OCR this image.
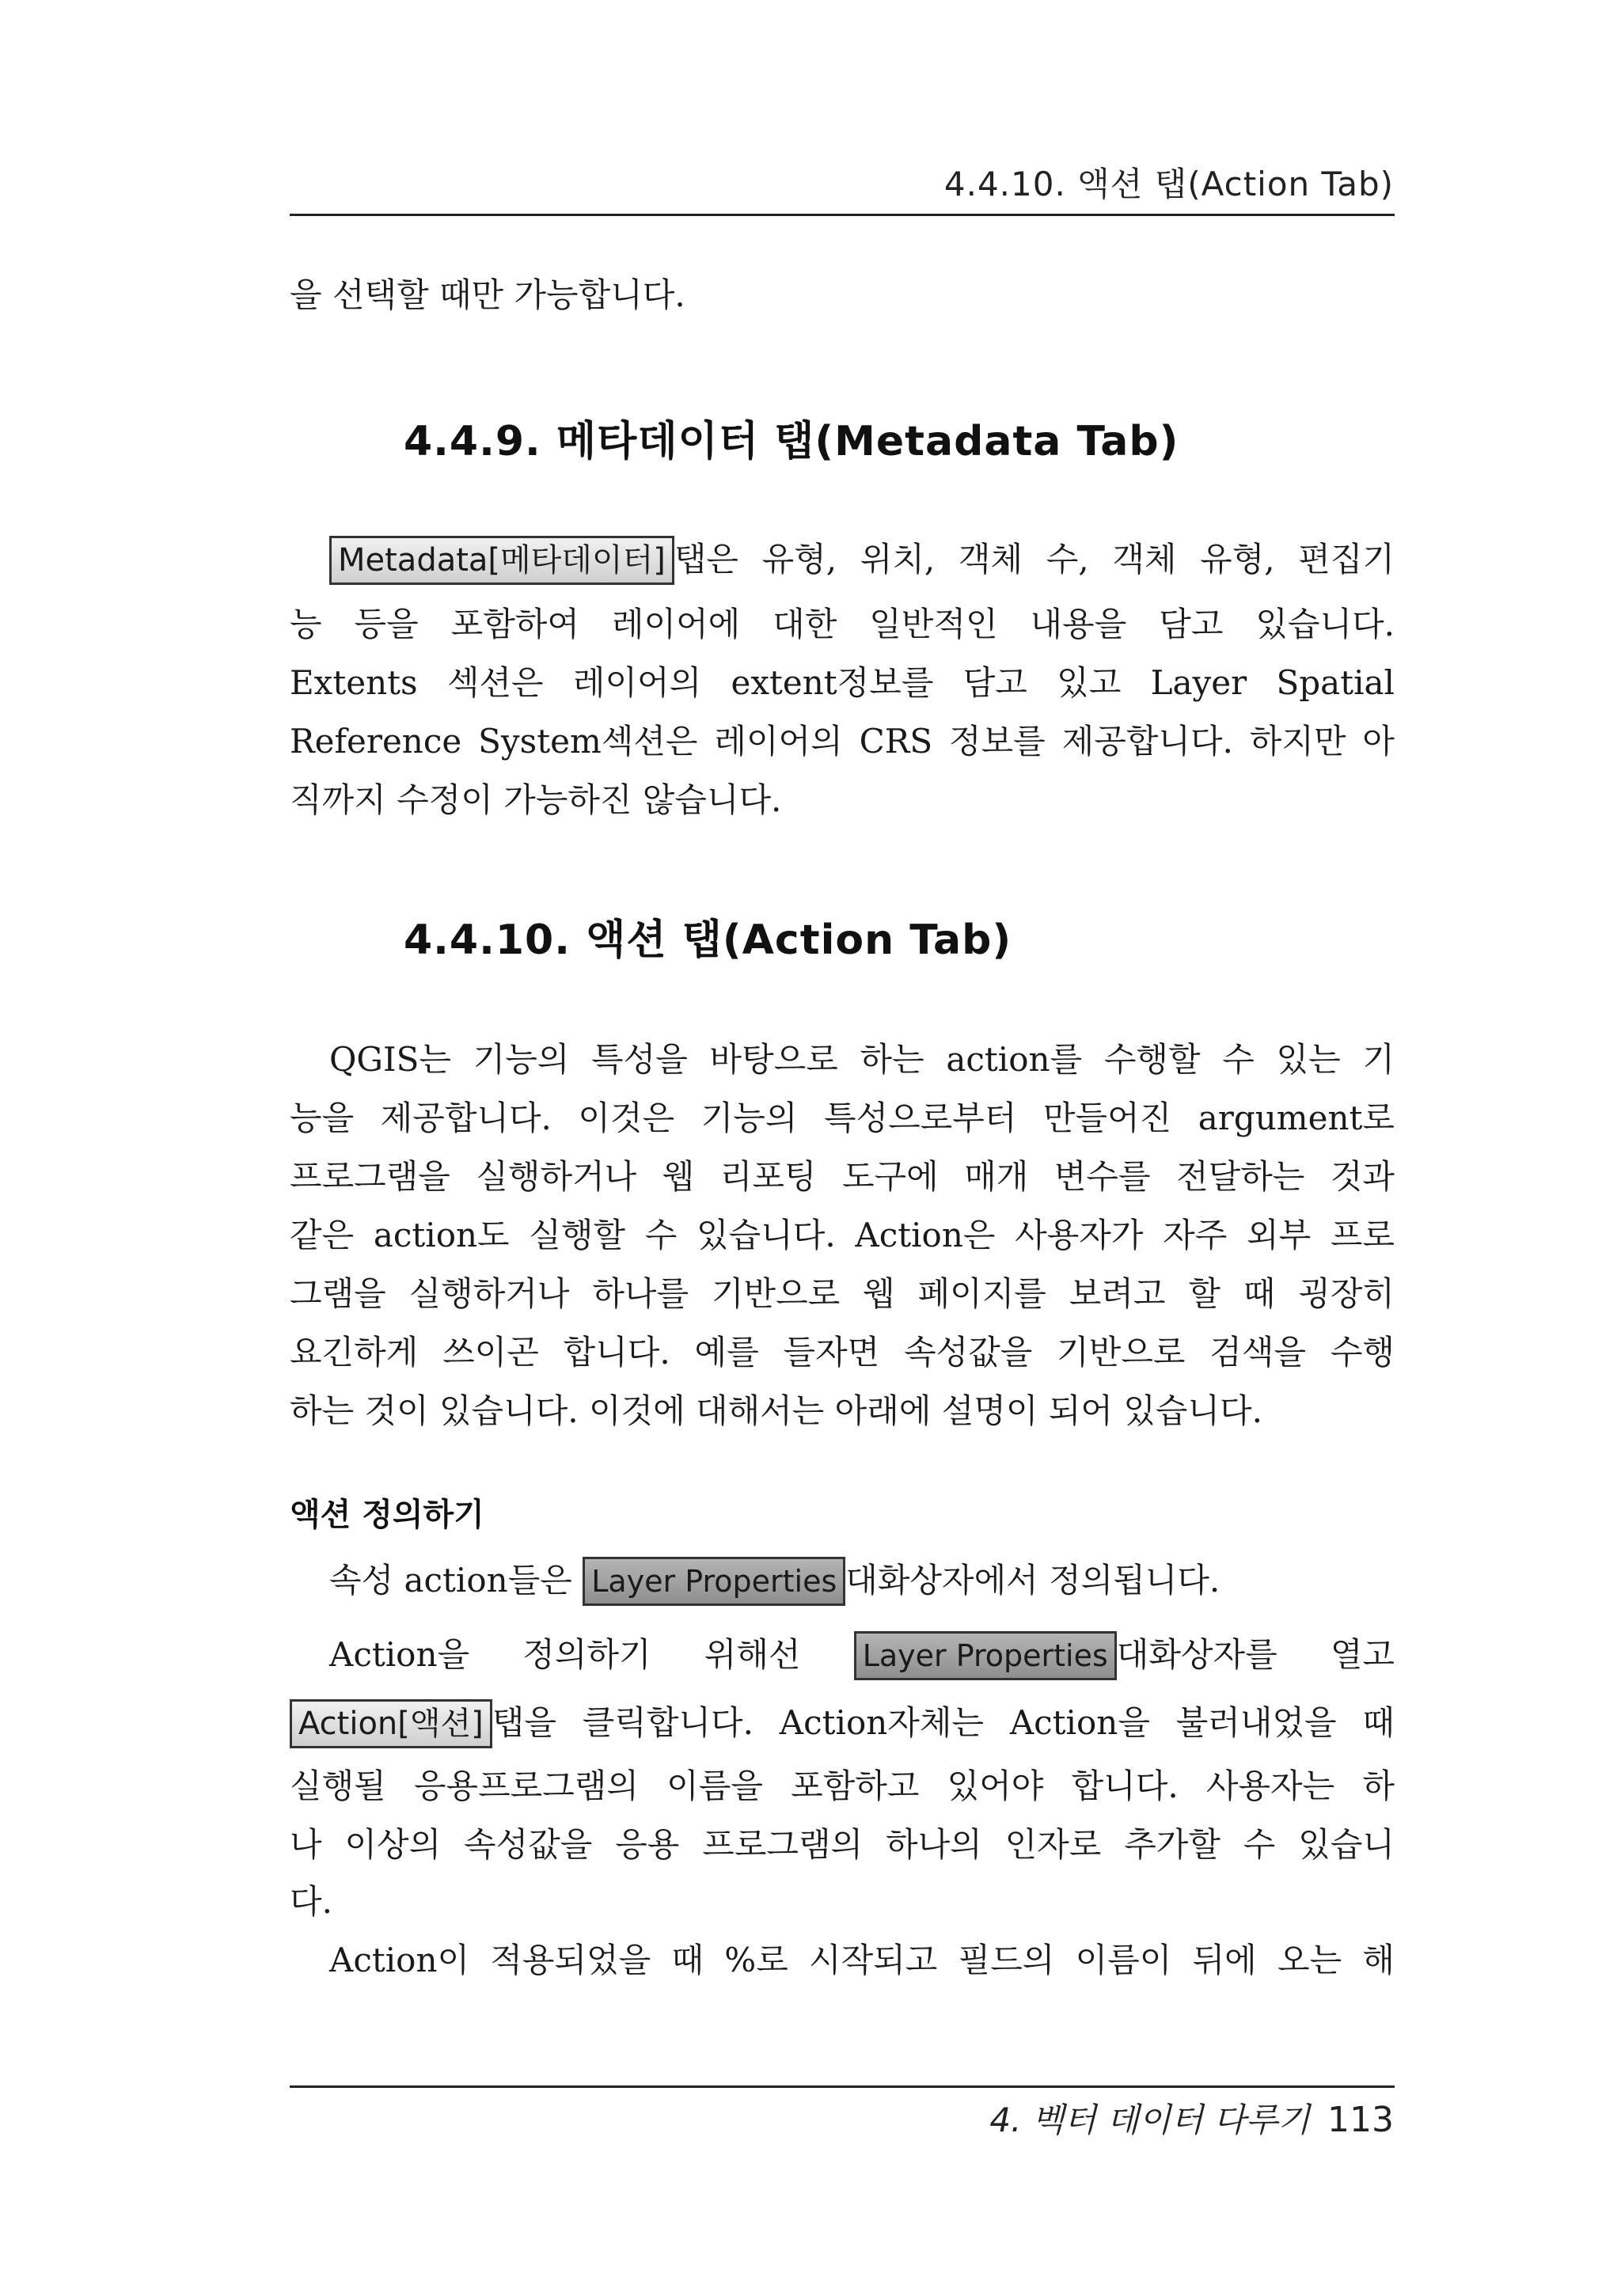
4.4.10. 액션 탭(Action Tab)
을 선택할 때만 가능합니다.
4.4.9. 메타데이터 탭(Metadata Tab)
Metadata[메타데이터] 탭은 유형, 위치, 객체 수, 객체 유형, 편집기
능 등을 포함하여 레이어에 대한 일반적인 내용을 담고 있습니다.
Extents 섹션은 레이어의 extent정보를 담고 있고 Layer Spatial
Reference System섹션은 레이어의 CRS 정보를 제공합니다. 하지만 아
직까지 수정이 가능하진 않습니다.
4.4.10. 액션 탭(Action Tab)
QGIS는 기능의 특성을 바탕으로 하는 action를 수행할 수 있는 기
능을 제공합니다. 이것은 기능의 특성으로부터 만들어진 argument로
프로그램을 실행하거나 웹 리포팅 도구에 매개 변수를 전달하는 것과
같은 action도 실행할 수 있습니다. Action은 사용자가 자주 외부 프로
그램을 실행하거나 하나를 기반으로 웹 페이지를 보려고 할 때 굉장히
요긴하게 쓰이곤 합니다. 예를 들자면 속성값을 기반으로 검색을 수행
하는 것이 있습니다. 이것에 대해서는 아래에 설명이 되어 있습니다.
액션 정의하기
속성 action들은 Layer Properties 대화상자에서 정의됩니다.
Action을 정의하기 위해선 Layer Properties 대화상자를 열고
Action[액션] 탭을 클릭합니다. Action자체는 Action을 불러내었을 때
실행될 응용프로그램의 이름을 포함하고 있어야 합니다. 사용자는 하
나 이상의 속성값을 응용 프로그램의 하나의 인자로 추가할 수 있습니
다.
Action이 적용되었을 때 %로 시작되고 필드의 이름이 뒤에 오는 해
4. 벡터 데이터 다루기 113
